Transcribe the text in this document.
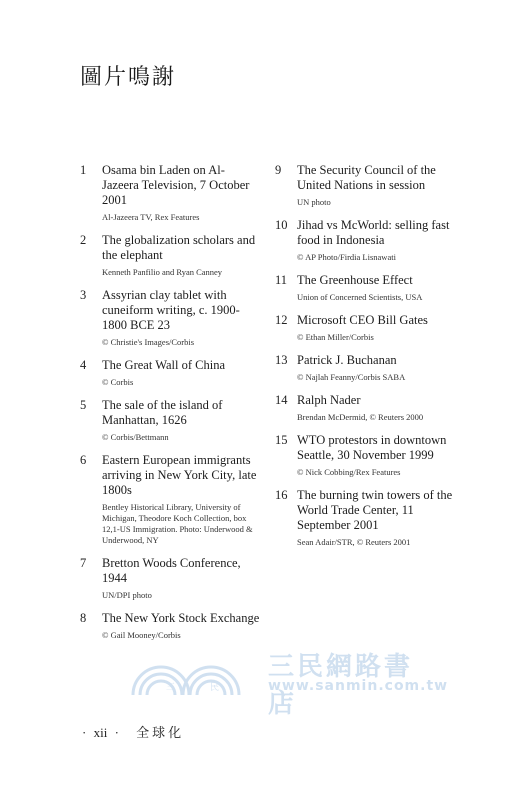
圖片鳴謝
1	Osama bin Laden on Al- Jazeera Television, 7 October 2001
Al-Jazeera TV, Rex Features
2	The globalization scholars and the elephant
Kenneth Panfilio and Ryan Canney
3	Assyrian clay tablet with cuneiform writing, c. 1900-1800 BCE 23
© Christie's Images/Corbis
4	The Great Wall of China
© Corbis
5	The sale of the island of Manhattan, 1626
© Corbis/Bettmann
6	Eastern European immigrants arriving in New York City, late 1800s
Bentley Historical Library, University of Michigan, Theodore Koch Collection, box 12,1-US Immigration. Photo: Underwood & Underwood, NY
7	Bretton Woods Conference, 1944
UN/DPI photo
8	The New York Stock Exchange
© Gail Mooney/Corbis
9	The Security Council of the United Nations in session
UN photo
10 Jihad vs McWorld: selling fast food in Indonesia
© AP Photo/Firdia Lisnawati
11 The Greenhouse Effect
Union of Concerned Scientists, USA
12 Microsoft CEO Bill Gates
© Ethan Miller/Corbis
13 Patrick J. Buchanan
© Najlah Feanny/Corbis SABA
14 Ralph Nader
Brendan McDermid, © Reuters 2000
15 WTO protestors in downtown Seattle, 30 November 1999
© Nick Cobbing/Rex Features
16 The burning twin towers of the World Trade Center, 11 September 2001
Sean Adair/STR, © Reuters 2001
三	民
三民網路書店
www.sanmin.com.tw
· xii · 全球化
